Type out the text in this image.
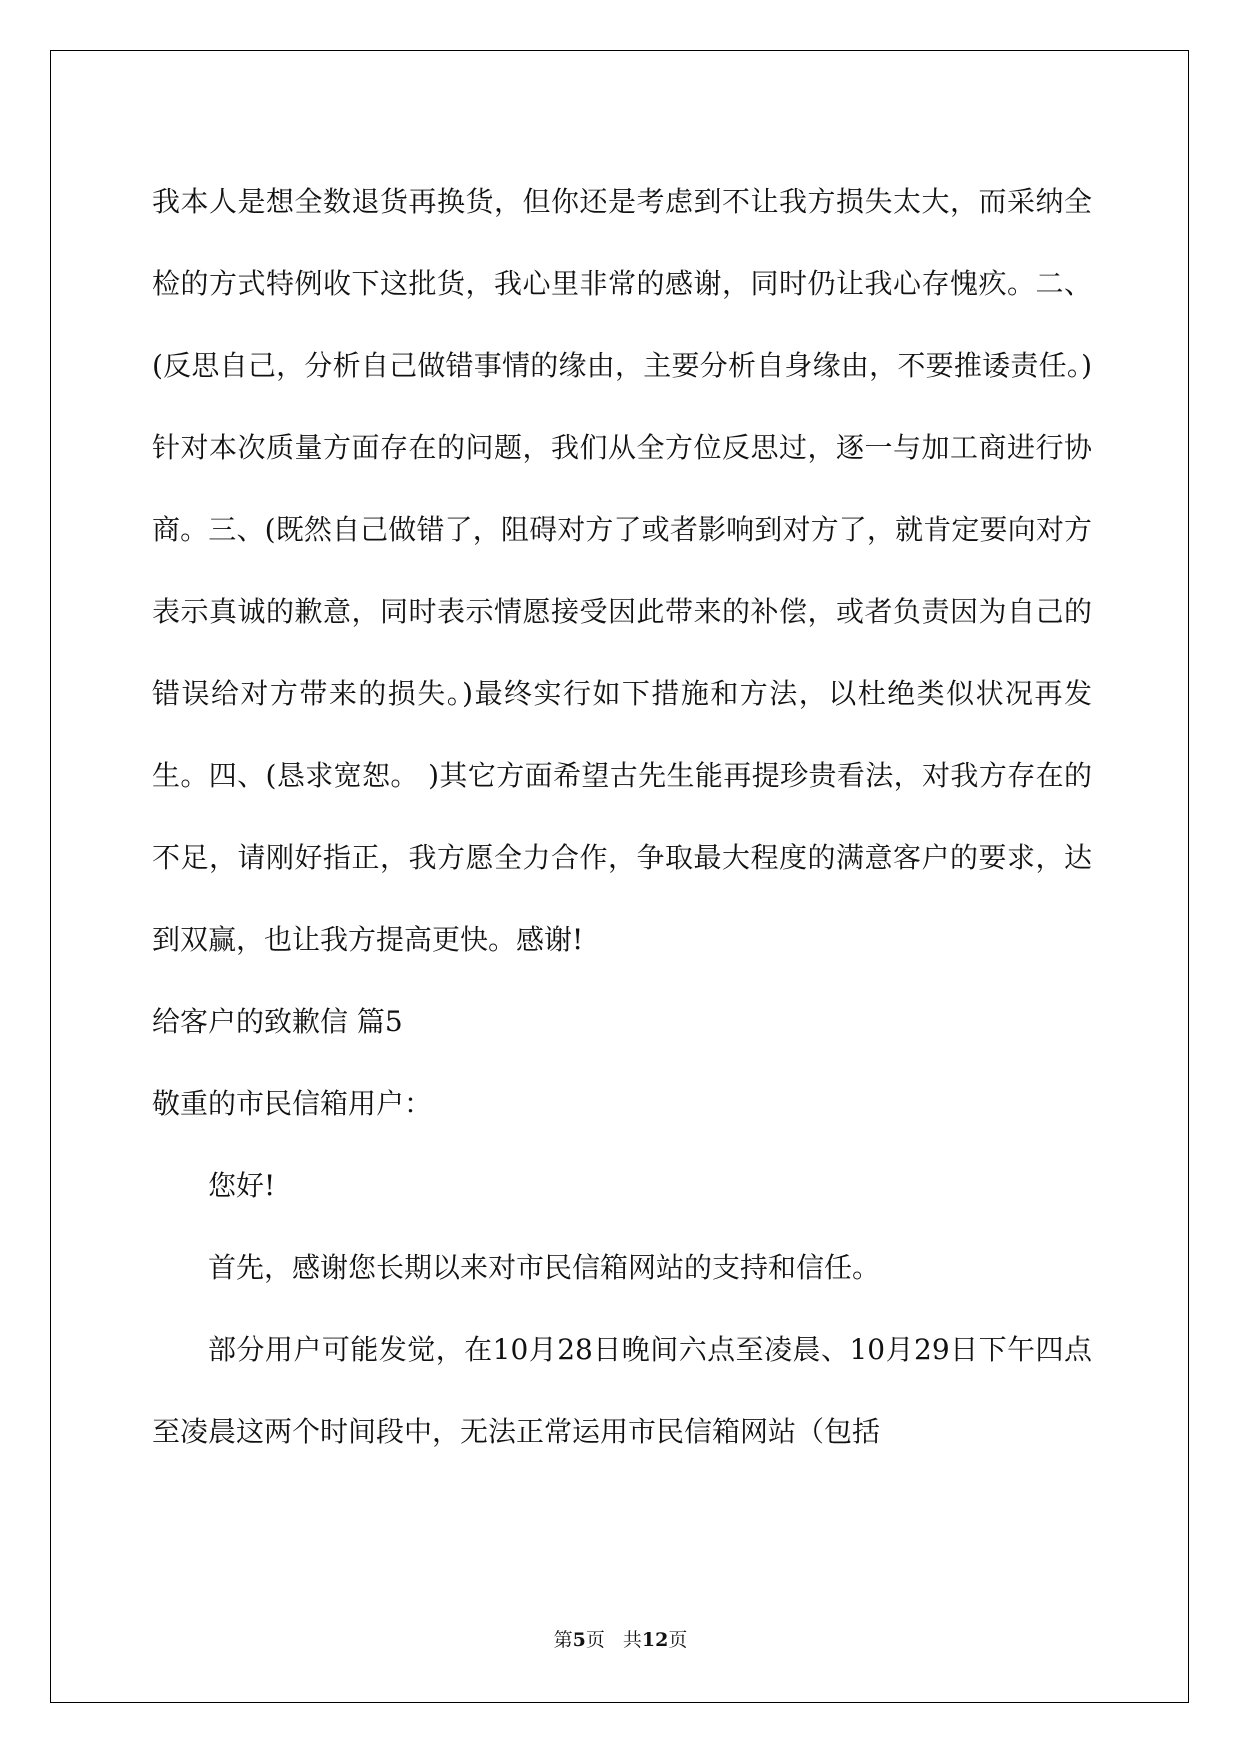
我本人是想全数退货再换货，但你还是考虑到不让我方损失太大，而采纳全检的方式特例收下这批货，我心里非常的感谢，同时仍让我心存愧疚。二、(反思自己，分析自己做错事情的缘由，主要分析自身缘由，不要推诿责任。)针对本次质量方面存在的问题，我们从全方位反思过，逐一与加工商进行协商。三、(既然自己做错了，阻碍对方了或者影响到对方了，就肯定要向对方表示真诚的歉意，同时表示情愿接受因此带来的补偿，或者负责因为自己的错误给对方带来的损失。)最终实行如下措施和方法，以杜绝类似状况再发生。四、(恳求宽恕。 )其它方面希望古先生能再提珍贵看法，对我方存在的不足，请刚好指正，我方愿全力合作，争取最大程度的满意客户的要求，达到双赢，也让我方提高更快。感谢!

给客户的致歉信 篇5

敬重的市民信箱用户：

您好!

首先，感谢您长期以来对市民信箱网站的支持和信任。

部分用户可能发觉，在10月28日晚间六点至凌晨、10月29日下午四点至凌晨这两个时间段中，无法正常运用市民信箱网站（包括

第5页 共12页
